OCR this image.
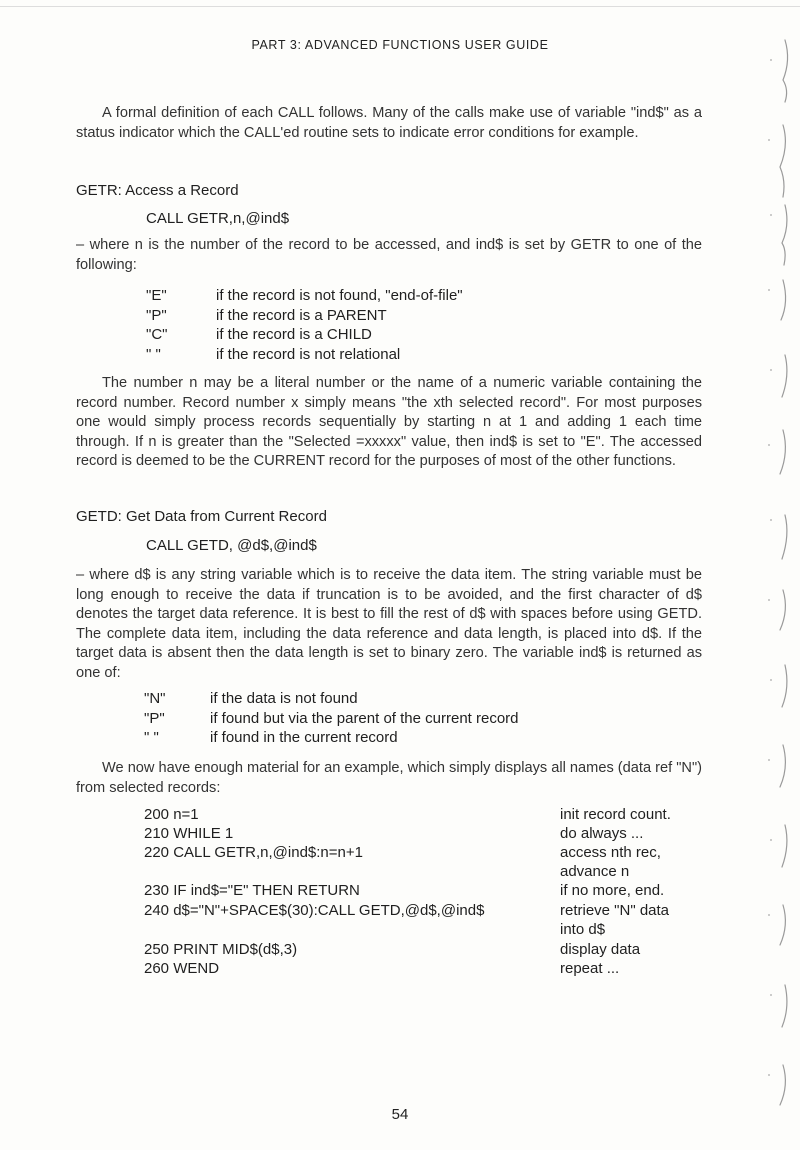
PART 3: ADVANCED FUNCTIONS USER GUIDE

A formal definition of each CALL follows. Many of the calls make use of variable "ind$" as a status indicator which the CALL'ed routine sets to indicate error conditions for example.

GETR: Access a Record
CALL GETR,n,@ind$

– where n is the number of the record to be accessed, and ind$ is set by GETR to one of the following:

"E"	if the record is not found, "end-of-file"
"P"	if the record is a PARENT
"C"	if the record is a CHILD
" "	if the record is not relational

The number n may be a literal number or the name of a numeric variable containing the record number. Record number x simply means "the xth selected record". For most purposes one would simply process records sequentially by starting n at 1 and adding 1 each time through. If n is greater than the "Selected =xxxxx" value, then ind$ is set to "E". The accessed record is deemed to be the CURRENT record for the purposes of most of the other functions.

GETD: Get Data from Current Record
CALL GETD, @d$,@ind$

– where d$ is any string variable which is to receive the data item. The string variable must be long enough to receive the data if truncation is to be avoided, and the first character of d$ denotes the target data reference. It is best to fill the rest of d$ with spaces before using GETD. The complete data item, including the data reference and data length, is placed into d$. If the target data is absent then the data length is set to binary zero. The variable ind$ is returned as one of:

"N"	if the data is not found
"P"	if found but via the parent of the current record
" "	if found in the current record

We now have enough material for an example, which simply displays all names (data ref "N") from selected records:

200 n=1	init record count.
210 WHILE 1	do always ...
220 CALL GETR,n,@ind$:n=n+1	access nth rec,
advance n
230 IF ind$="E" THEN RETURN	if no more, end.
240 d$="N"+SPACE$(30):CALL GETD,@d$,@ind$	retrieve "N" data
into d$
250 PRINT MID$(d$,3)	display data
260 WEND	repeat ...
54
